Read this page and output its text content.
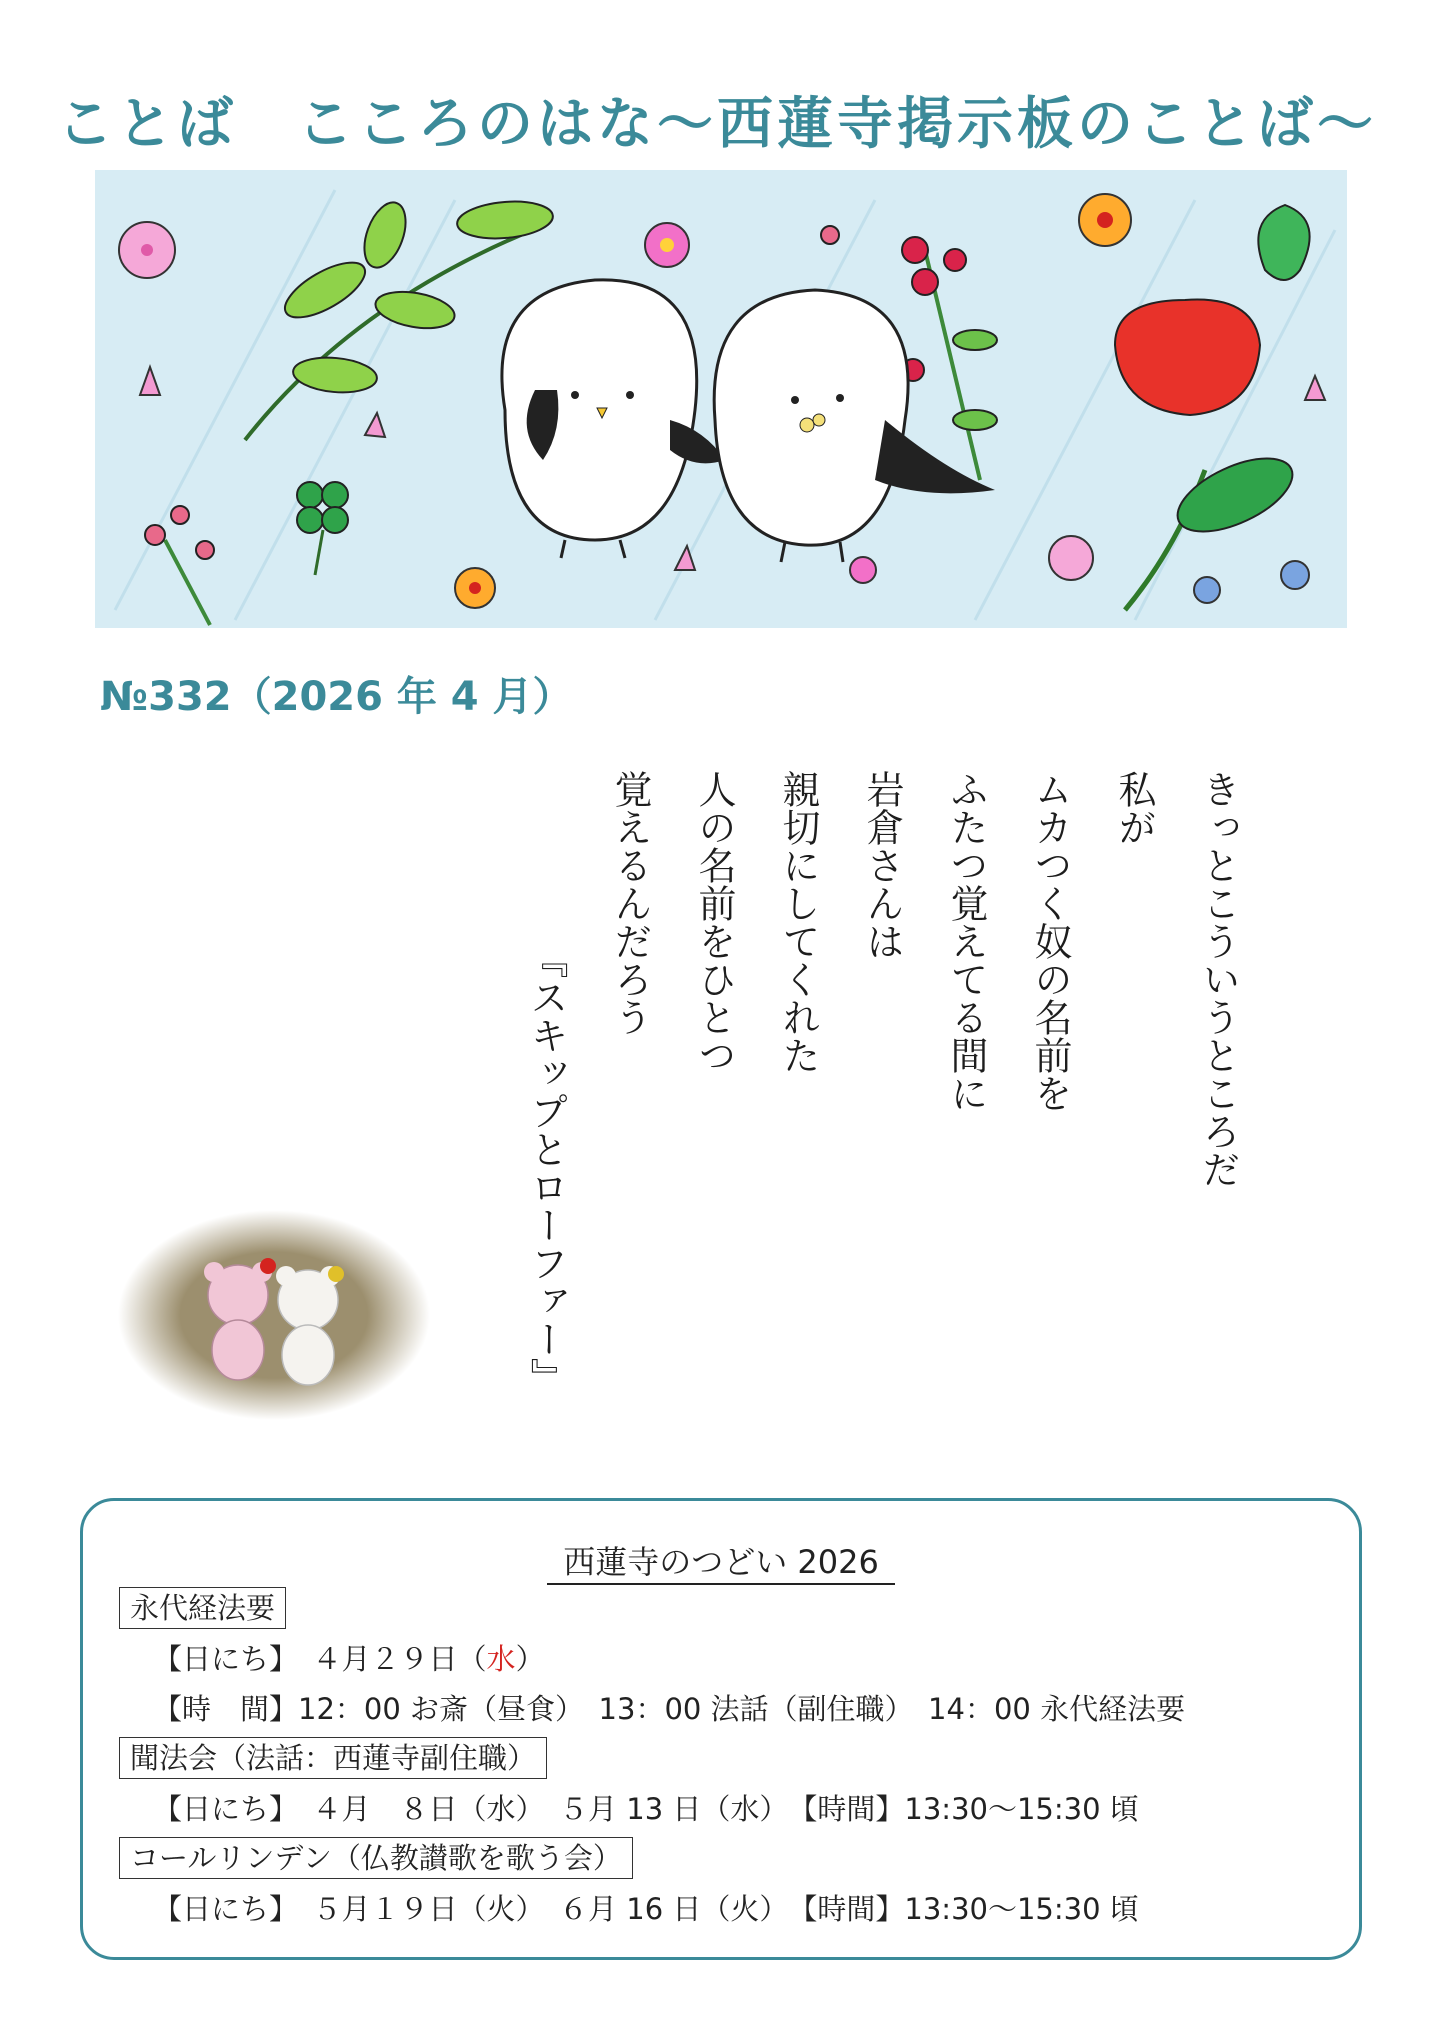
ことば　こころのはな～西蓮寺掲示板のことば～
№332（2026 年 4 月）
きっとこういうところだ
私が
ムカつく奴の名前を
ふたつ覚えてる間に
岩倉さんは
親切にしてくれた
人の名前をひとつ
覚えるんだろう
『スキップとローファー』
西蓮寺のつどい 2026
永代経法要
【日にち】　 ４月２９日（水）
【時　間】12：00 お斎（昼食）　13：00 法話（副住職）　14：00 永代経法要
聞法会（法話：西蓮寺副住職）
【日にち】　 ４月　８日（水）　５月 13 日（水）　 【時間】13:30～15:30 頃
コールリンデン（仏教讃歌を歌う会）
【日にち】　 ５月１９日（火）　６月 16 日（火）　 【時間】13:30～15:30 頃
